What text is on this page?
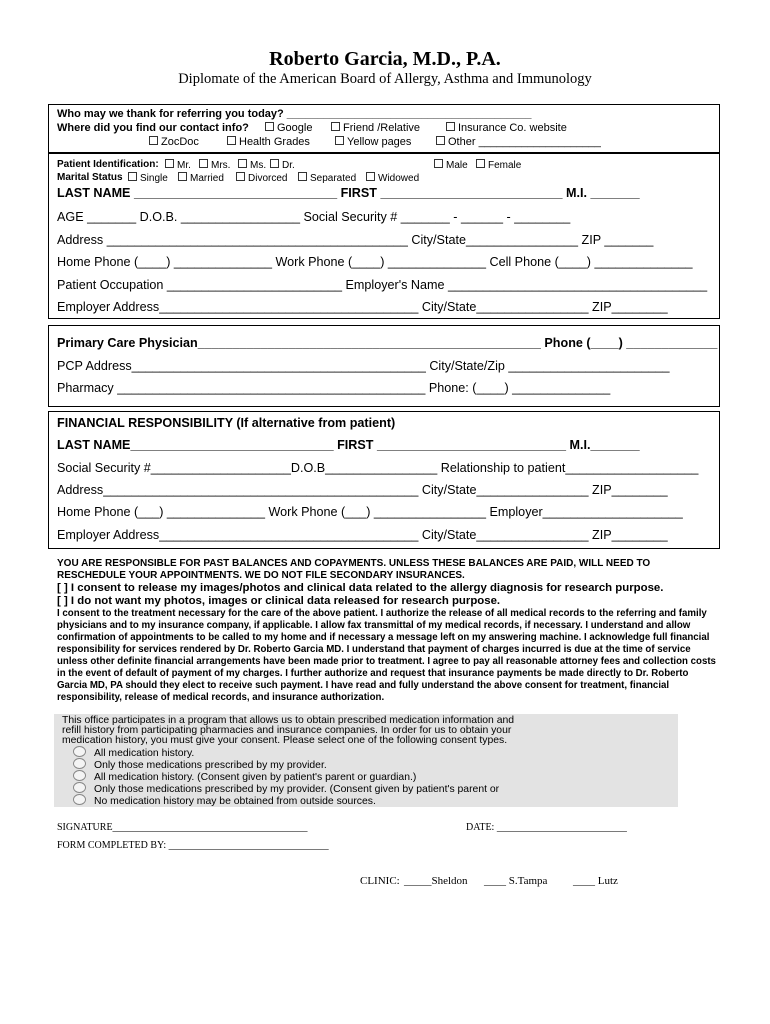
Roberto Garcia, M.D., P.A.
Diplomate of the American Board of Allergy, Asthma and Immunology
Who may we thank for referring you today? ________________________________________
Where did you find our contact info?	Google	Friend /Relative	Insurance Co. website
ZocDoc	Health Grades	Yellow pages	Other ____________________
Patient Identification:	Mr.	Mrs.	Ms.	Dr.	Male	Female
Marital Status	Single	Married	Divorced	Separated	Widowed
LAST NAME _____________________________ FIRST __________________________ M.I. _______
AGE _______ D.O.B. _________________ Social Security # _______ - ______ - ________
Address ___________________________________________ City/State________________ ZIP _______
Home Phone (____) ______________ Work Phone (____) ______________ Cell Phone (____) ______________
Patient Occupation _________________________ Employer's Name _____________________________________
Employer Address_____________________________________ City/State________________ ZIP________
Primary Care Physician_________________________________________________ Phone (____) _____________
PCP Address__________________________________________ City/State/Zip _______________________
Pharmacy ____________________________________________ Phone: (____) ______________
FINANCIAL RESPONSIBILITY (If alternative from patient)
LAST NAME_____________________________ FIRST ___________________________ M.I._______
Social Security #____________________D.O.B________________ Relationship to patient___________________
Address_____________________________________________ City/State________________ ZIP________
Home Phone (___) ______________ Work Phone (___) ________________ Employer____________________
Employer Address_____________________________________ City/State________________ ZIP________
YOU ARE RESPONSIBLE FOR PAST BALANCES AND COPAYMENTS. UNLESS THESE BALANCES ARE PAID, WILL NEED TO
RESCHEDULE YOUR APPOINTMENTS. WE DO NOT FILE SECONDARY INSURANCES.
[ ] I consent to release my images/photos and clinical data related to the allergy diagnosis for research purpose.
[ ] I do not want my photos, images or clinical data released for research purpose.
I consent to the treatment necessary for the care of the above patient. I authorize the release of all medical records to the referring and family physicians and to my insurance company, if applicable. I allow fax transmittal of my medical records, if necessary. I understand and allow confirmation of appointments to be called to my home and if necessary a message left on my answering machine. I acknowledge full financial responsibility for services rendered by Dr. Roberto Garcia MD. I understand that payment of charges incurred is due at the time of service unless other definite financial arrangements have been made prior to treatment. I agree to pay all reasonable attorney fees and collection costs in the event of default of payment of my charges. I further authorize and request that insurance payments be made directly to Dr. Roberto Garcia MD, PA should they elect to receive such payment. I have read and fully understand the above consent for treatment, financial responsibility, release of medical records, and insurance authorization.
This office participates in a program that allows us to obtain prescribed medication information and
refill history from participating pharmacies and insurance companies. In order for us to obtain your
medication history, you must give your consent. Please select one of the following consent types.
All medication history.
Only those medications prescribed by my provider.
All medication history. (Consent given by patient's parent or guardian.)
Only those medications prescribed by my provider. (Consent given by patient's parent or
No medication history may be obtained from outside sources.
SIGNATURE_______________________________________	DATE: __________________________
FORM COMPLETED BY: ________________________________
CLINIC: _____Sheldon ____ S.Tampa ____ Lutz
